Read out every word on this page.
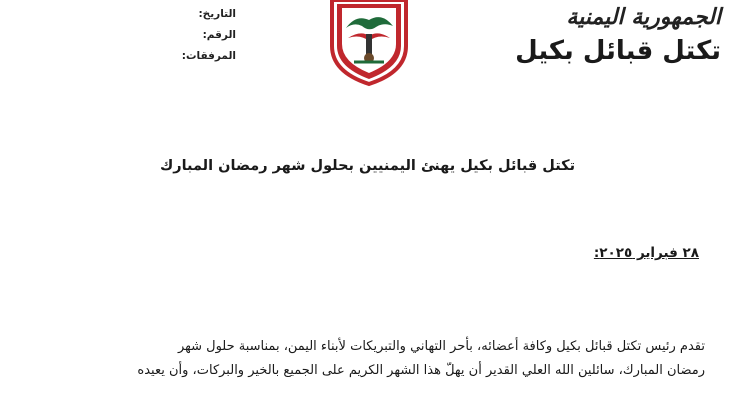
التاريخ:
الرقم:
المرفقات:
الجمهورية اليمنية
تكتل قبائل بكيل
تكتل قبائل بكيل يهنئ اليمنيين بحلول شهر رمضان المبارك
٢٨ فبراير ٢٠٢٥:
تقدم رئيس تكتل قبائل بكيل وكافة أعضائه، بأحر التهاني والتبريكات لأبناء اليمن، بمناسبة حلول شهر
رمضان المبارك، سائلين الله العلي القدير أن يهلّ هذا الشهر الكريم على الجميع بالخير والبركات، وأن يعيده
